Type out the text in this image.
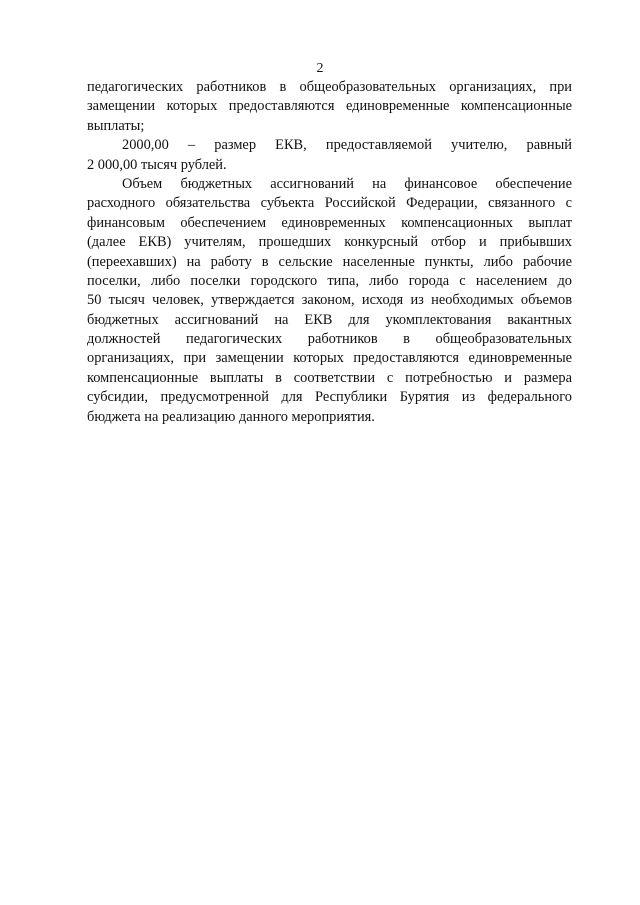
2
педагогических работников в общеобразовательных организациях, при
замещении которых предоставляются единовременные компенсационные
выплаты;
2000,00 – размер ЕКВ, предоставляемой учителю, равный
2 000,00 тысяч рублей.
Объем бюджетных ассигнований на финансовое обеспечение
расходного обязательства субъекта Российской Федерации, связанного с
финансовым обеспечением единовременных компенсационных выплат
(далее ЕКВ) учителям, прошедших конкурсный отбор и прибывших
(переехавших) на работу в сельские населенные пункты, либо рабочие
поселки, либо поселки городского типа, либо города с населением до
50 тысяч человек, утверждается законом, исходя из необходимых объемов
бюджетных ассигнований на ЕКВ для укомплектования вакантных
должностей педагогических работников в общеобразовательных
организациях, при замещении которых предоставляются единовременные
компенсационные выплаты в соответствии с потребностью и размера
субсидии, предусмотренной для Республики Бурятия из федерального
бюджета на реализацию данного мероприятия.
